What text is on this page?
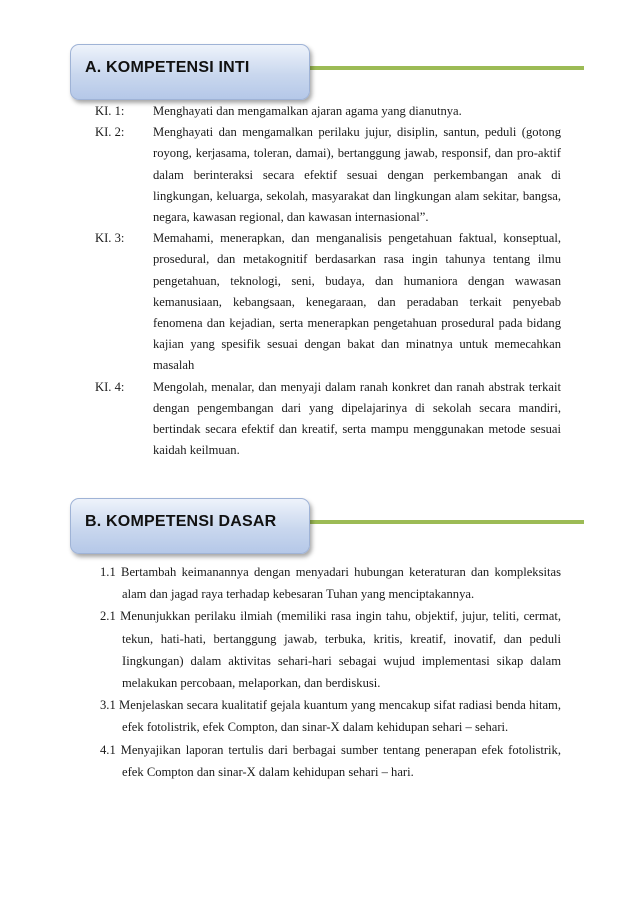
A. KOMPETENSI INTI
KI. 1:	Menghayati dan mengamalkan ajaran agama yang dianutnya.
KI. 2:	Menghayati dan mengamalkan perilaku jujur, disiplin, santun, peduli (gotong royong, kerjasama, toleran, damai), bertanggung jawab, responsif, dan pro-aktif dalam berinteraksi secara efektif sesuai dengan perkembangan anak di lingkungan, keluarga, sekolah, masyarakat dan lingkungan alam sekitar, bangsa, negara, kawasan regional, dan kawasan internasional”.
KI. 3:	Memahami, menerapkan, dan menganalisis pengetahuan faktual, konseptual, prosedural, dan metakognitif berdasarkan rasa ingin tahunya tentang ilmu pengetahuan, teknologi, seni, budaya, dan humaniora dengan wawasan kemanusiaan, kebangsaan, kenegaraan, dan peradaban terkait penyebab fenomena dan kejadian, serta menerapkan pengetahuan prosedural pada bidang kajian yang spesifik sesuai dengan bakat dan minatnya untuk memecahkan masalah
KI. 4:	Mengolah, menalar, dan menyaji dalam ranah konkret dan ranah abstrak terkait dengan pengembangan dari yang dipelajarinya di sekolah secara mandiri, bertindak secara efektif dan kreatif, serta mampu menggunakan metode sesuai kaidah keilmuan.
B. KOMPETENSI DASAR
1.1 Bertambah keimanannya dengan menyadari hubungan keteraturan dan kompleksitas alam dan jagad raya terhadap kebesaran Tuhan yang menciptakannya.
2.1 Menunjukkan perilaku ilmiah (memiliki rasa ingin tahu, objektif, jujur, teliti, cermat, tekun, hati-hati, bertanggung jawab, terbuka, kritis, kreatif, inovatif, dan peduli Iingkungan) dalam aktivitas sehari-hari sebagai wujud implementasi sikap dalam melakukan percobaan, melaporkan, dan berdiskusi.
3.1 Menjelaskan secara kualitatif gejala kuantum yang mencakup sifat radiasi benda hitam, efek fotolistrik, efek Compton, dan sinar-X dalam kehidupan sehari – sehari.
4.1 Menyajikan laporan tertulis dari berbagai sumber tentang penerapan efek fotolistrik, efek Compton dan sinar-X dalam kehidupan sehari – hari.
